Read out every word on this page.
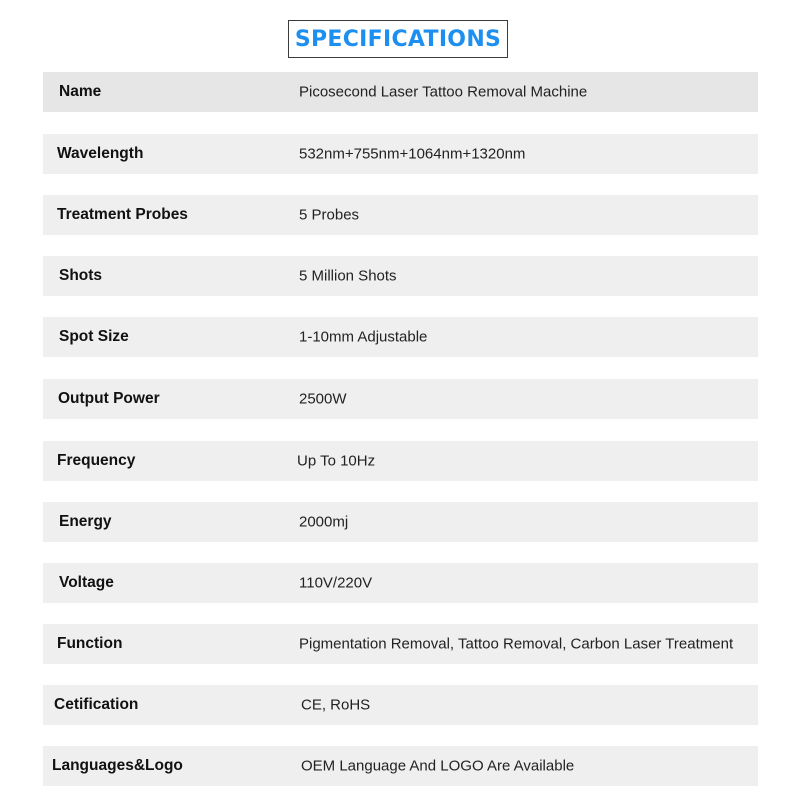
SPECIFICATIONS
Name	Picosecond Laser Tattoo Removal Machine
Wavelength	532nm+755nm+1064nm+1320nm
Treatment Probes	5 Probes
Shots	5 Million Shots
Spot Size	1-10mm Adjustable
Output Power	2500W
Frequency	Up To 10Hz
Energy	2000mj
Voltage	110V/220V
Function	Pigmentation Removal, Tattoo Removal, Carbon Laser Treatment
Cetification	CE, RoHS
Languages&Logo	OEM Language And LOGO Are Available
